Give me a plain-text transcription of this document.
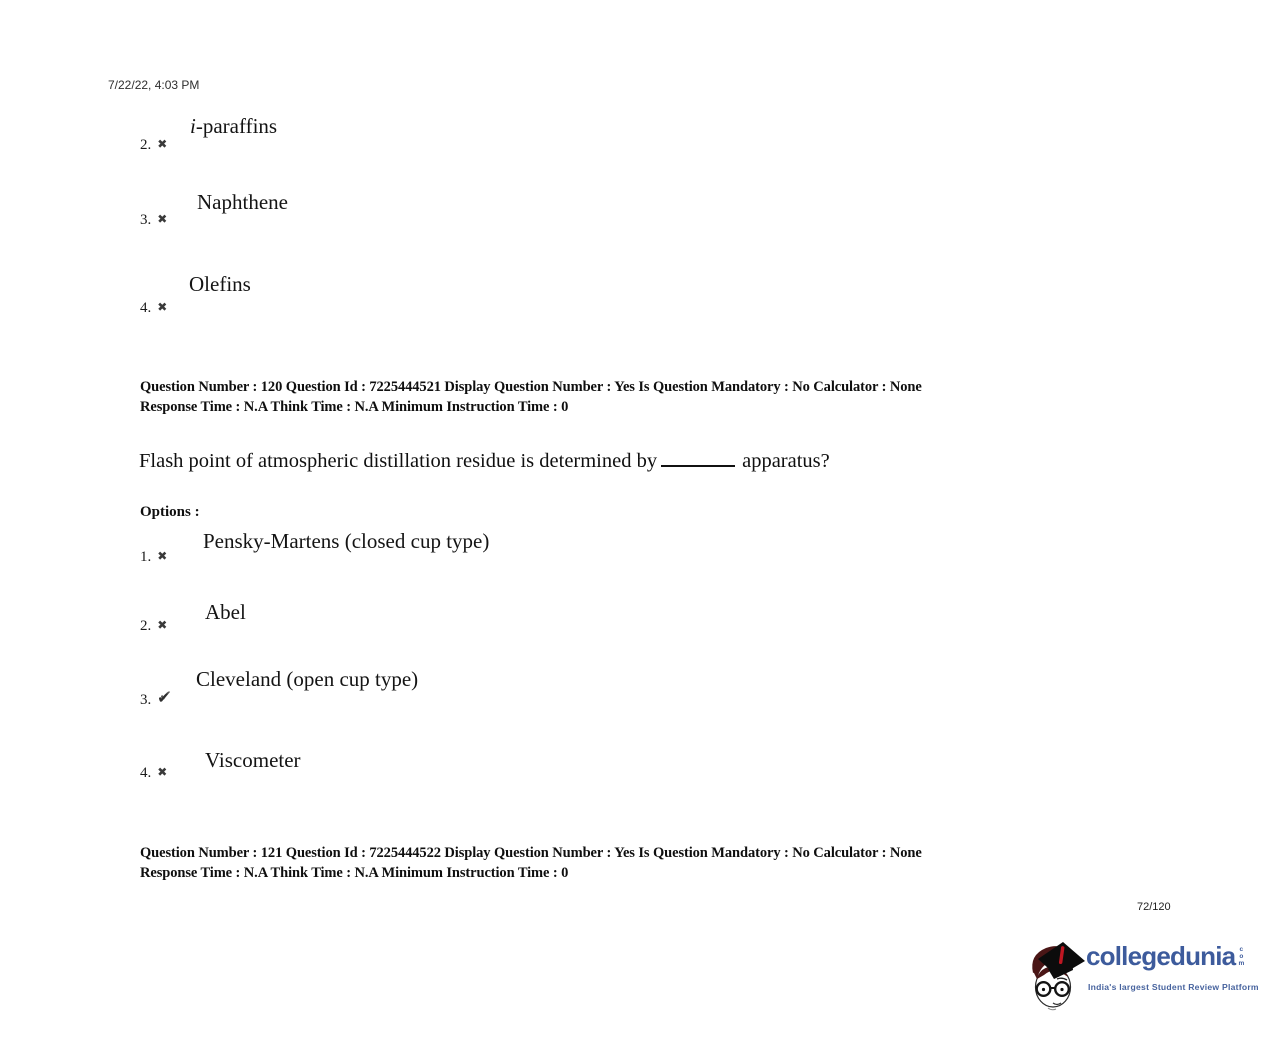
7/22/22, 4:03 PM
i-paraffins
2. ✖
Naphthene
3. ✖
Olefins
4. ✖
Question Number : 120 Question Id : 7225444521 Display Question Number : Yes Is Question Mandatory : No Calculator : None
Response Time : N.A Think Time : N.A Minimum Instruction Time : 0
Flash point of atmospheric distillation residue is determined by	apparatus?
Options :
Pensky-Martens (closed cup type)
1. ✖
Abel
2. ✖
Cleveland (open cup type)
3. ✔
Viscometer
4. ✖
Question Number : 121 Question Id : 7225444522 Display Question Number : Yes Is Question Mandatory : No Calculator : None
Response Time : N.A Think Time : N.A Minimum Instruction Time : 0
72/120
collegedunia com
India's largest Student Review Platform
